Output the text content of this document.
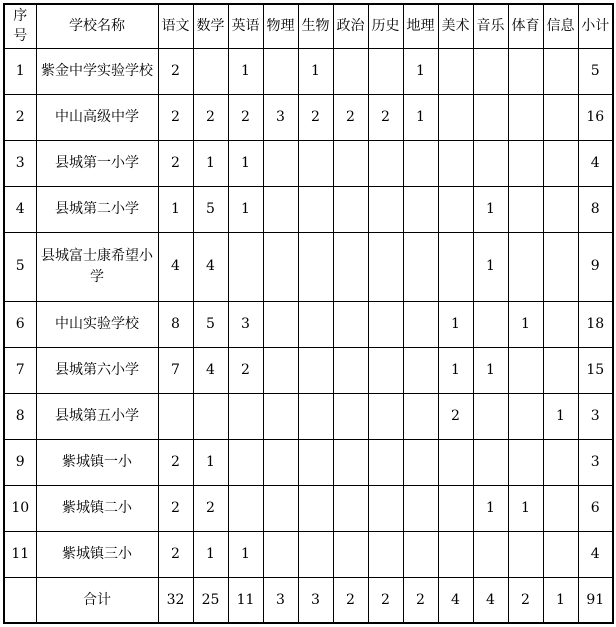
序号	学校名称	语文	数学	英语	物理	生物	政治	历史	地理	美术	音乐	体育	信息	小计
1	紫金中学实验学校	2		1		1			1					5
2	中山高级中学	2	2	2	3	2	2	2	1					16
3	县城第一小学	2	1	1										4
4	县城第二小学	1	5	1							1			8
5	县城富士康希望小学	4	4								1			9
6	中山实验学校	8	5	3						1		1		18
7	县城第六小学	7	4	2						1	1			15
8	县城第五小学									2			1	3
9	紫城镇一小	2	1											3
10	紫城镇二小	2	2								1	1		6
11	紫城镇三小	2	1	1										4
	合计	32	25	11	3	3	2	2	2	4	4	2	1	91
